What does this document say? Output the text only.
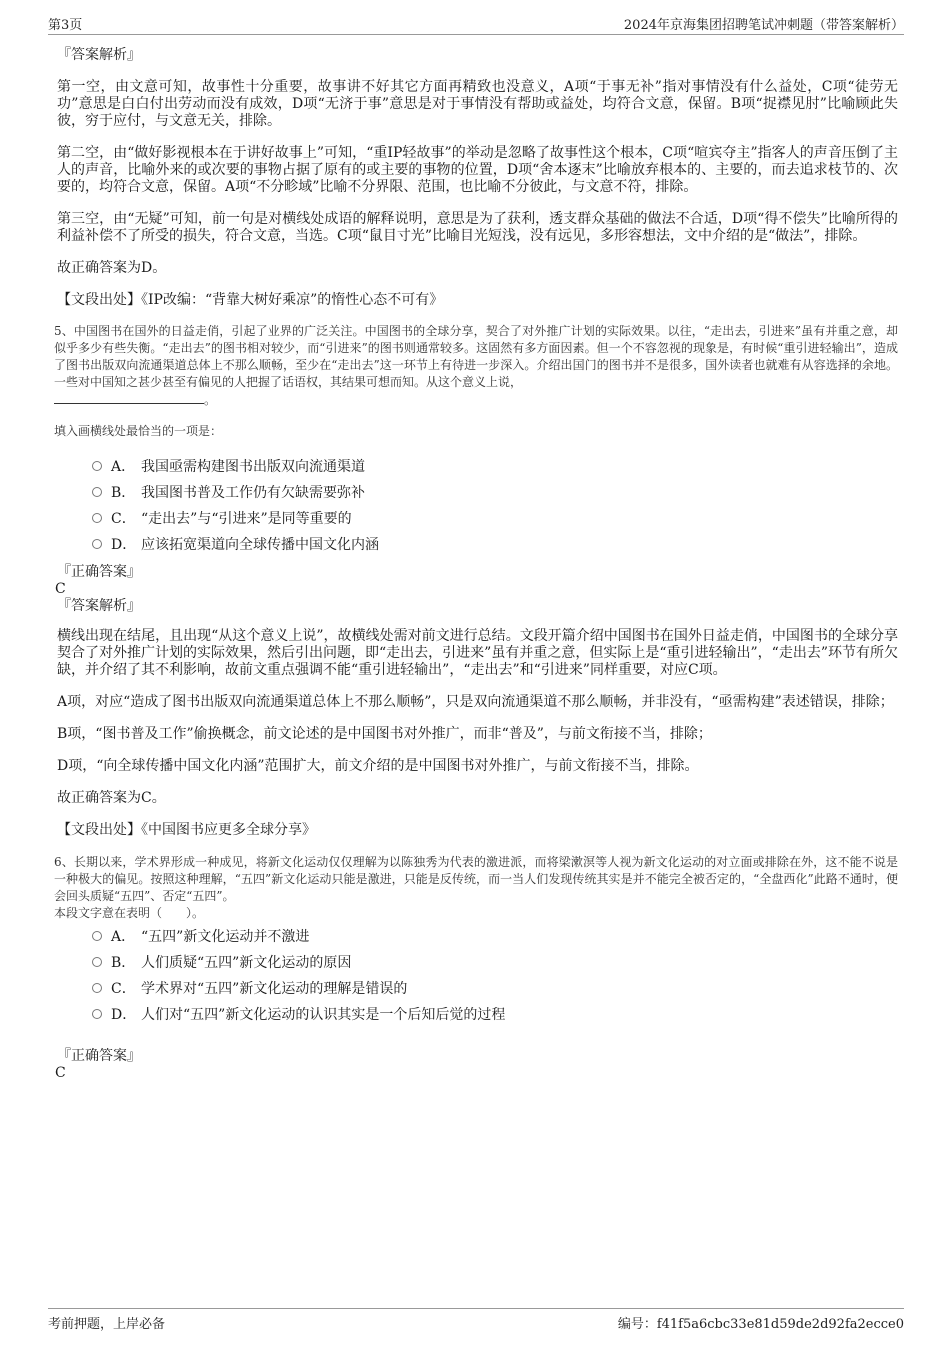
第3页	2024年京海集团招聘笔试冲刺题（带答案解析）

『答案解析』

第一空，由文意可知，故事性十分重要，故事讲不好其它方面再精致也没意义，A项“于事无补”指对事情没有什么益处，C项“徒劳无功”意思是白白付出劳动而没有成效，D项“无济于事”意思是对于事情没有帮助或益处，均符合文意，保留。B项“捉襟见肘”比喻顾此失彼，穷于应付，与文意无关，排除。

第二空，由“做好影视根本在于讲好故事上”可知，“重IP轻故事”的举动是忽略了故事性这个根本，C项“喧宾夺主”指客人的声音压倒了主人的声音，比喻外来的或次要的事物占据了原有的或主要的事物的位置，D项“舍本逐末”比喻放弃根本的、主要的，而去追求枝节的、次要的，均符合文意，保留。A项“不分畛域”比喻不分界限、范围，也比喻不分彼此，与文意不符，排除。

第三空，由“无疑”可知，前一句是对横线处成语的解释说明，意思是为了获利，透支群众基础的做法不合适，D项“得不偿失”比喻所得的利益补偿不了所受的损失，符合文意，当选。C项“鼠目寸光”比喻目光短浅，没有远见，多形容想法，文中介绍的是“做法”，排除。

故正确答案为D。

【文段出处】《IP改编：“背靠大树好乘凉”的惰性心态不可有》

5、中国图书在国外的日益走俏，引起了业界的广泛关注。中国图书的全球分享，契合了对外推广计划的实际效果。以往，“走出去，引进来”虽有并重之意，却似乎多少有些失衡。“走出去”的图书相对较少，而“引进来”的图书则通常较多。这固然有多方面因素。但一个不容忽视的现象是，有时候“重引进轻输出”，造成了图书出版双向流通渠道总体上不那么顺畅，至少在“走出去”这一环节上有待进一步深入。介绍出国门的图书并不是很多，国外读者也就难有从容选择的余地。一些对中国知之甚少甚至有偏见的人把握了话语权，其结果可想而知。从这个意义上说，
。

填入画横线处最恰当的一项是：

A． 我国亟需构建图书出版双向流通渠道
B． 我国图书普及工作仍有欠缺需要弥补
C． “走出去”与“引进来”是同等重要的
D． 应该拓宽渠道向全球传播中国文化内涵

『正确答案』

C

『答案解析』

横线出现在结尾，且出现“从这个意义上说”，故横线处需对前文进行总结。文段开篇介绍中国图书在国外日益走俏，中国图书的全球分享契合了对外推广计划的实际效果，然后引出问题，即“走出去，引进来”虽有并重之意，但实际上是“重引进轻输出”，“走出去”环节有所欠缺，并介绍了其不利影响，故前文重点强调不能“重引进轻输出”，“走出去”和“引进来”同样重要，对应C项。

A项，对应“造成了图书出版双向流通渠道总体上不那么顺畅”，只是双向流通渠道不那么顺畅，并非没有，“亟需构建”表述错误，排除；

B项，“图书普及工作”偷换概念，前文论述的是中国图书对外推广，而非“普及”，与前文衔接不当，排除；

D项，“向全球传播中国文化内涵”范围扩大，前文介绍的是中国图书对外推广，与前文衔接不当，排除。

故正确答案为C。

【文段出处】《中国图书应更多全球分享》

6、长期以来，学术界形成一种成见，将新文化运动仅仅理解为以陈独秀为代表的激进派，而将梁漱溟等人视为新文化运动的对立面或排除在外，这不能不说是一种极大的偏见。按照这种理解，“五四”新文化运动只能是激进，只能是反传统，而一当人们发现传统其实是并不能完全被否定的，“全盘西化”此路不通时，便会回头质疑“五四”、否定“五四”。

本段文字意在表明（　　）。

A． “五四”新文化运动并不激进
B． 人们质疑“五四”新文化运动的原因
C． 学术界对“五四”新文化运动的理解是错误的
D． 人们对“五四”新文化运动的认识其实是一个后知后觉的过程

『正确答案』

C

考前押题，上岸必备	编号：f41f5a6cbc33e81d59de2d92fa2ecce0
